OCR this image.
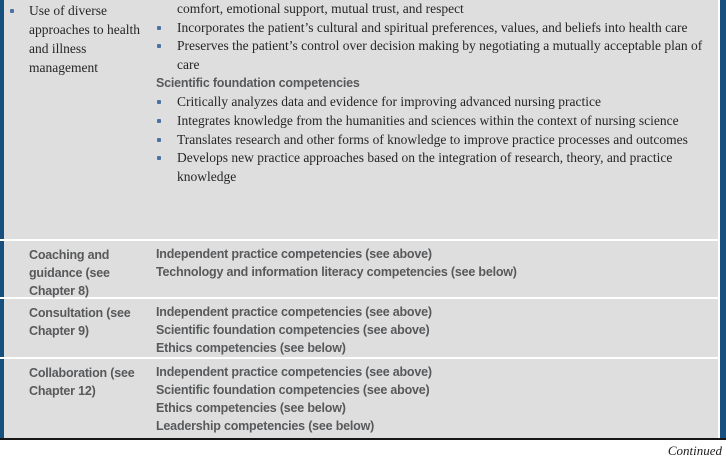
Use of diverse approaches to health and illness management
comfort, emotional support, mutual trust, and respect
Incorporates the patient’s cultural and spiritual preferences, values, and beliefs into health care
Preserves the patient’s control over decision making by negotiating a mutually acceptable plan of care
Scientific foundation competencies
Critically analyzes data and evidence for improving advanced nursing practice
Integrates knowledge from the humanities and sciences within the context of nursing science
Translates research and other forms of knowledge to improve practice processes and outcomes
Develops new practice approaches based on the integration of research, theory, and practice knowledge
Coaching and guidance (see Chapter 8)
Independent practice competencies (see above)
Technology and information literacy competencies (see below)
Consultation (see Chapter 9)
Independent practice competencies (see above)
Scientific foundation competencies (see above)
Ethics competencies (see below)
Collaboration (see Chapter 12)
Independent practice competencies (see above)
Scientific foundation competencies (see above)
Ethics competencies (see below)
Leadership competencies (see below)
Continued
